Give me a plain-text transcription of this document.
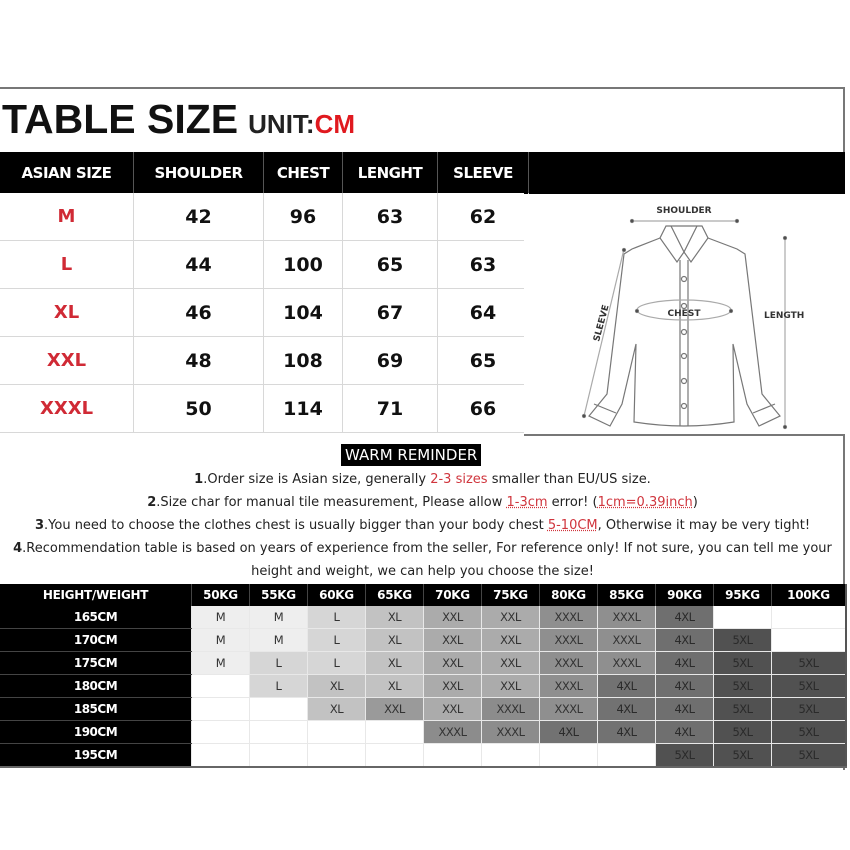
TABLE SIZE UNIT:CM
ASIAN SIZE	SHOULDER	CHEST	LENGHT	SLEEVE
M	42	96	63	62
L	44	100	65	63
XL	46	104	67	64
XXL	48	108	69	65
XXXL	50	114	71	66
SHOULDER
CHEST	LENGTH
SLEEVE
WARM REMINDER

1.Order size is Asian size, generally 2-3 sizes smaller than EU/US size.

2.Size char for manual tile measurement, Please allow 1-3cm error! (1cm=0.39inch)

3.You need to choose the clothes chest is usually bigger than your body chest 5-10CM, Otherwise it may be very tight!

4.Recommendation table is based on years of experience from the seller, For reference only! If not sure, you can tell me your

height and weight, we can help you choose the size!

HEIGHT/WEIGHT	50KG	55KG	60KG	65KG	70KG	75KG	80KG	85KG	90KG	95KG	100KG
165CM	M	M	L	XL	XXL	XXL	XXXL	XXXL	4XL		
170CM	M	M	L	XL	XXL	XXL	XXXL	XXXL	4XL	5XL	
175CM	M	L	L	XL	XXL	XXL	XXXL	XXXL	4XL	5XL	5XL
180CM		L	XL	XL	XXL	XXL	XXXL	4XL	4XL	5XL	5XL
185CM			XL	XXL	XXL	XXXL	XXXL	4XL	4XL	5XL	5XL
190CM					XXXL	XXXL	4XL	4XL	4XL	5XL	5XL
195CM									5XL	5XL	5XL
